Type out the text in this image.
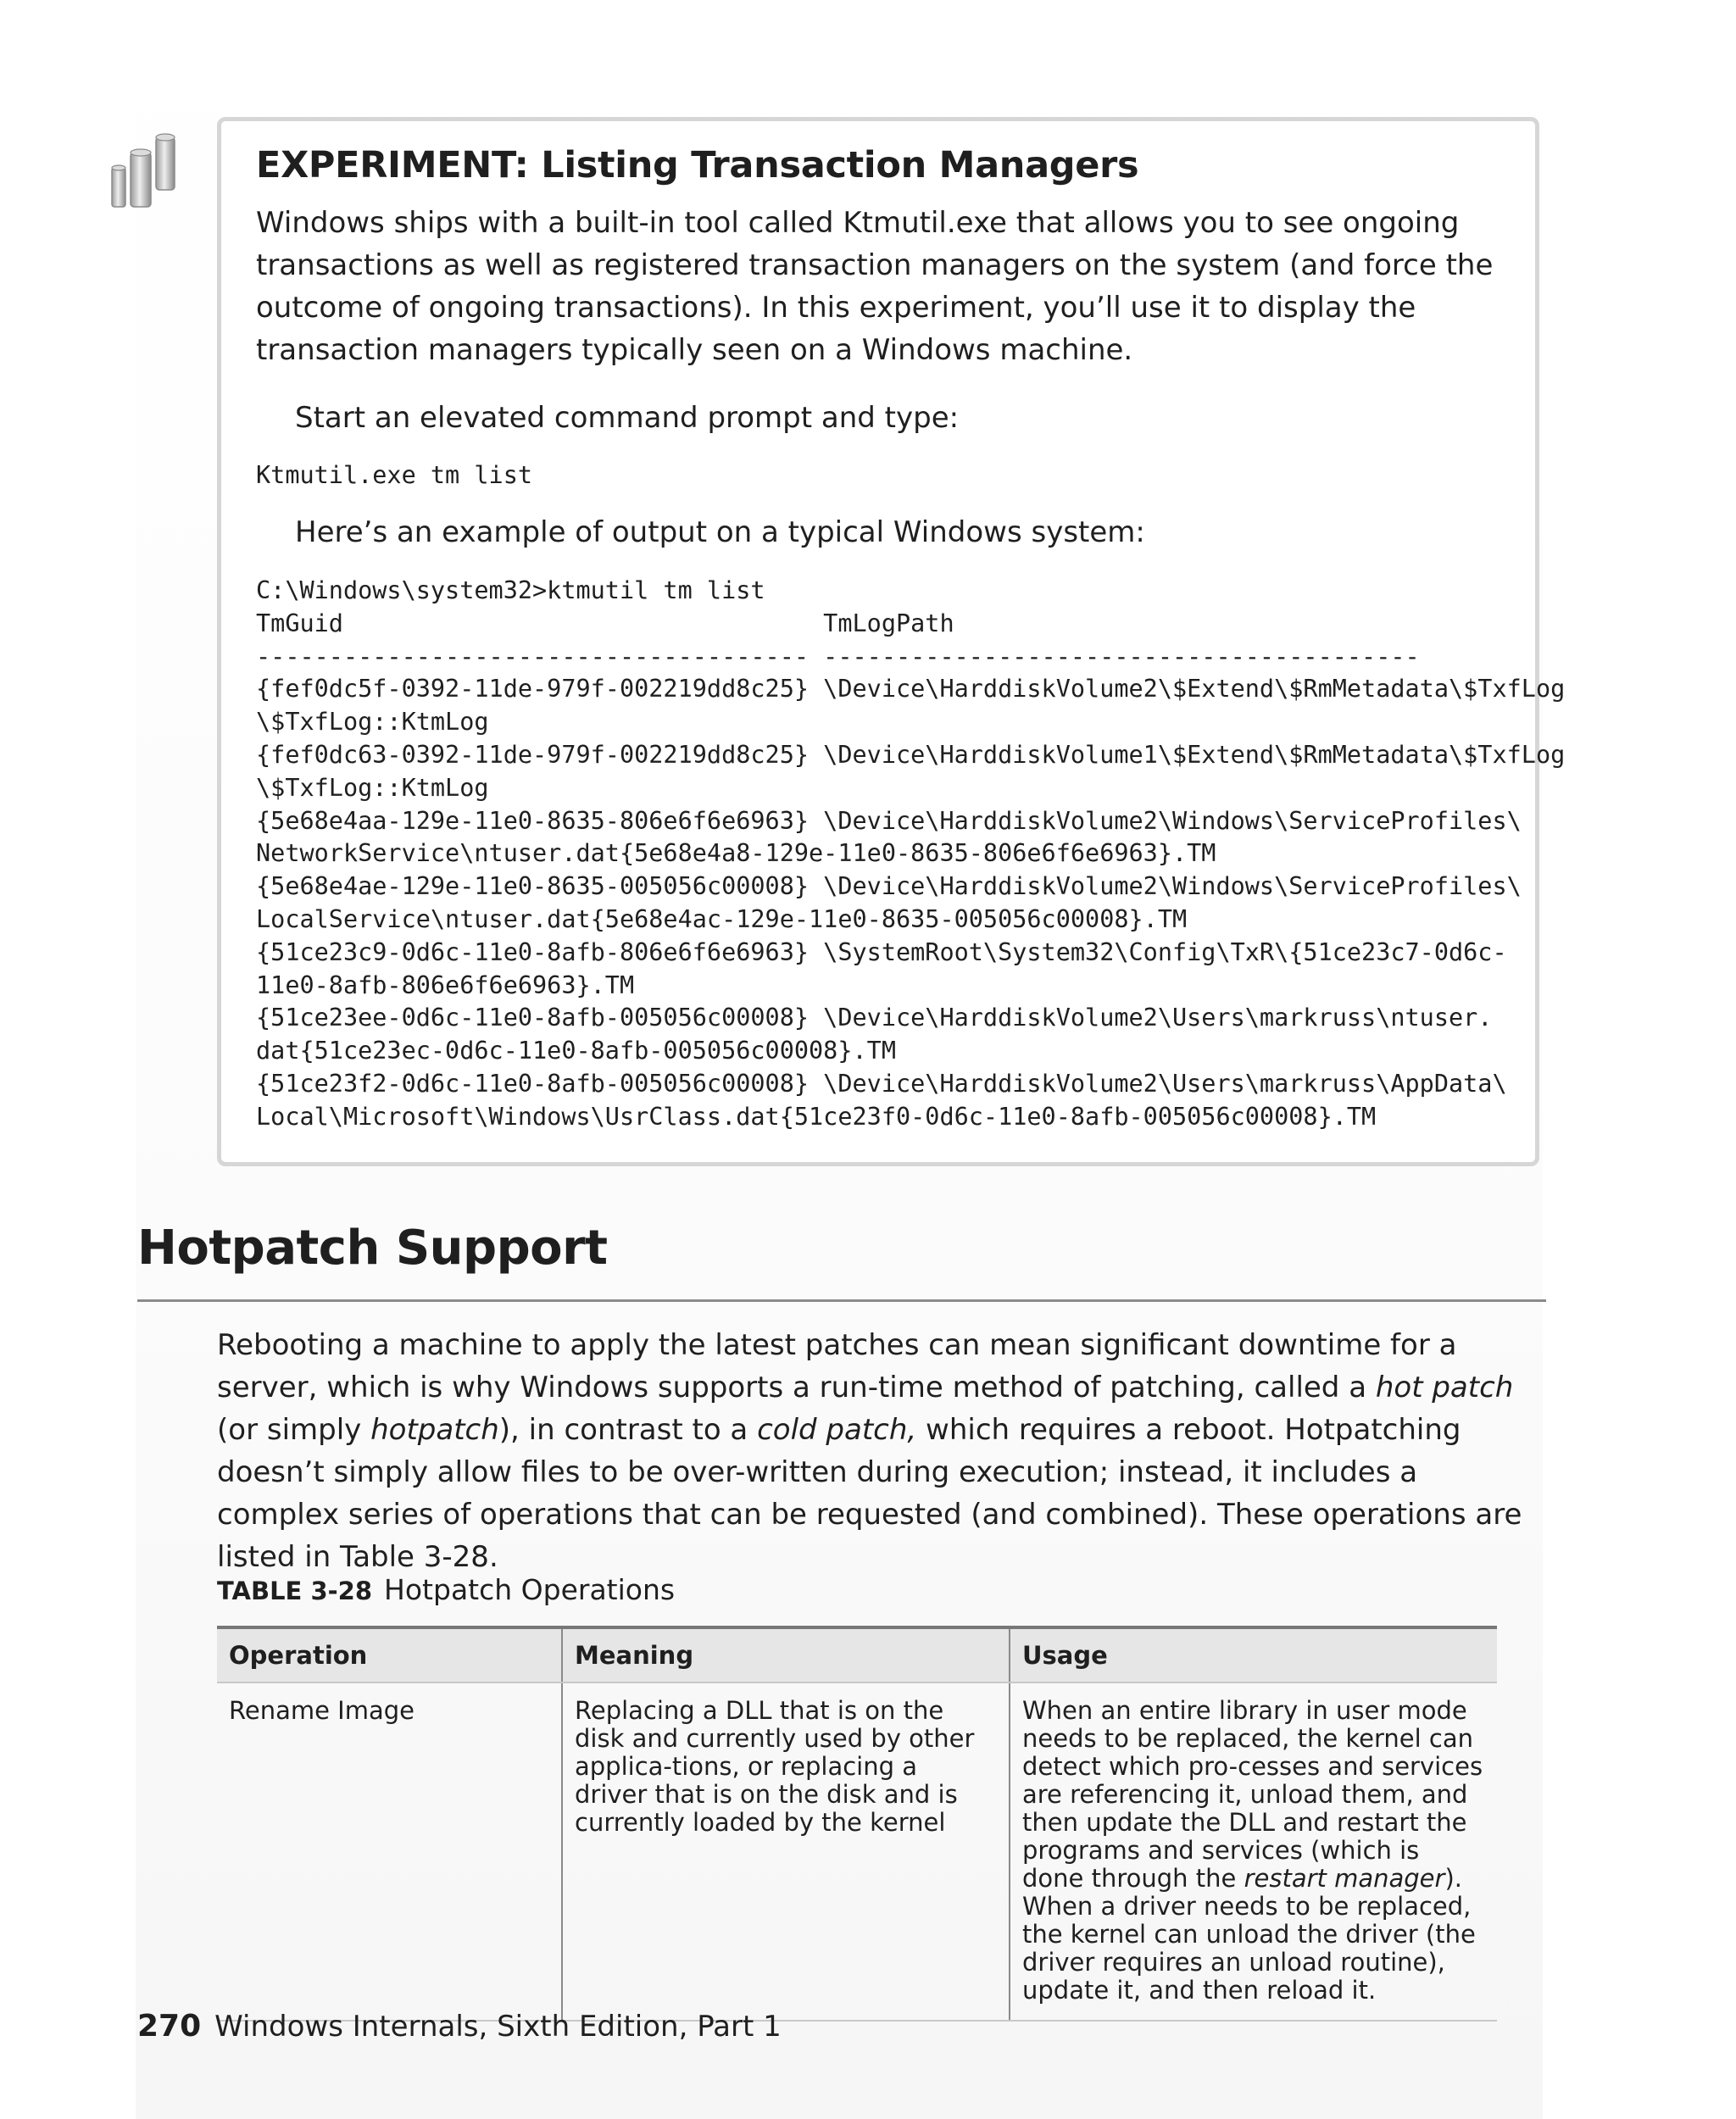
EXPERIMENT: Listing Transaction Managers
Windows ships with a built-in tool called Ktmutil.exe that allows you to see ongoing transactions as well as registered transaction managers on the system (and force the outcome of ongoing transactions). In this experiment, you’ll use it to display the transaction managers typically seen on a Windows machine.
Start an elevated command prompt and type:
Ktmutil.exe tm list
Here’s an example of output on a typical Windows system:
C:\Windows\system32>ktmutil tm list
TmGuid                                 TmLogPath
-------------------------------------- -----------------------------------------
{fef0dc5f-0392-11de-979f-002219dd8c25} \Device\HarddiskVolume2\$Extend\$RmMetadata\$TxfLog
\$TxfLog::KtmLog
{fef0dc63-0392-11de-979f-002219dd8c25} \Device\HarddiskVolume1\$Extend\$RmMetadata\$TxfLog
\$TxfLog::KtmLog
{5e68e4aa-129e-11e0-8635-806e6f6e6963} \Device\HarddiskVolume2\Windows\ServiceProfiles\
NetworkService\ntuser.dat{5e68e4a8-129e-11e0-8635-806e6f6e6963}.TM
{5e68e4ae-129e-11e0-8635-005056c00008} \Device\HarddiskVolume2\Windows\ServiceProfiles\
LocalService\ntuser.dat{5e68e4ac-129e-11e0-8635-005056c00008}.TM
{51ce23c9-0d6c-11e0-8afb-806e6f6e6963} \SystemRoot\System32\Config\TxR\{51ce23c7-0d6c-
11e0-8afb-806e6f6e6963}.TM
{51ce23ee-0d6c-11e0-8afb-005056c00008} \Device\HarddiskVolume2\Users\markruss\ntuser.
dat{51ce23ec-0d6c-11e0-8afb-005056c00008}.TM
{51ce23f2-0d6c-11e0-8afb-005056c00008} \Device\HarddiskVolume2\Users\markruss\AppData\
Local\Microsoft\Windows\UsrClass.dat{51ce23f0-0d6c-11e0-8afb-005056c00008}.TM
Hotpatch Support
Rebooting a machine to apply the latest patches can mean significant downtime for a server, which is why Windows supports a run-time method of patching, called a hot patch (or simply hotpatch), in contrast to a cold patch, which requires a reboot. Hotpatching doesn’t simply allow files to be over-written during execution; instead, it includes a complex series of operations that can be requested (and combined). These operations are listed in Table 3-28.
TABLE 3-28 Hotpatch Operations
Operation	Meaning	Usage
Rename Image	Replacing a DLL that is on the disk and currently used by other applica-tions, or replacing a driver that is on the disk and is currently loaded by the kernel	When an entire library in user mode needs to be replaced, the kernel can detect which pro-cesses and services are referencing it, unload them, and then update the DLL and restart the programs and services (which is done through the restart manager). When a driver needs to be replaced, the kernel can unload the driver (the driver requires an unload routine), update it, and then reload it.
270 Windows Internals, Sixth Edition, Part 1
